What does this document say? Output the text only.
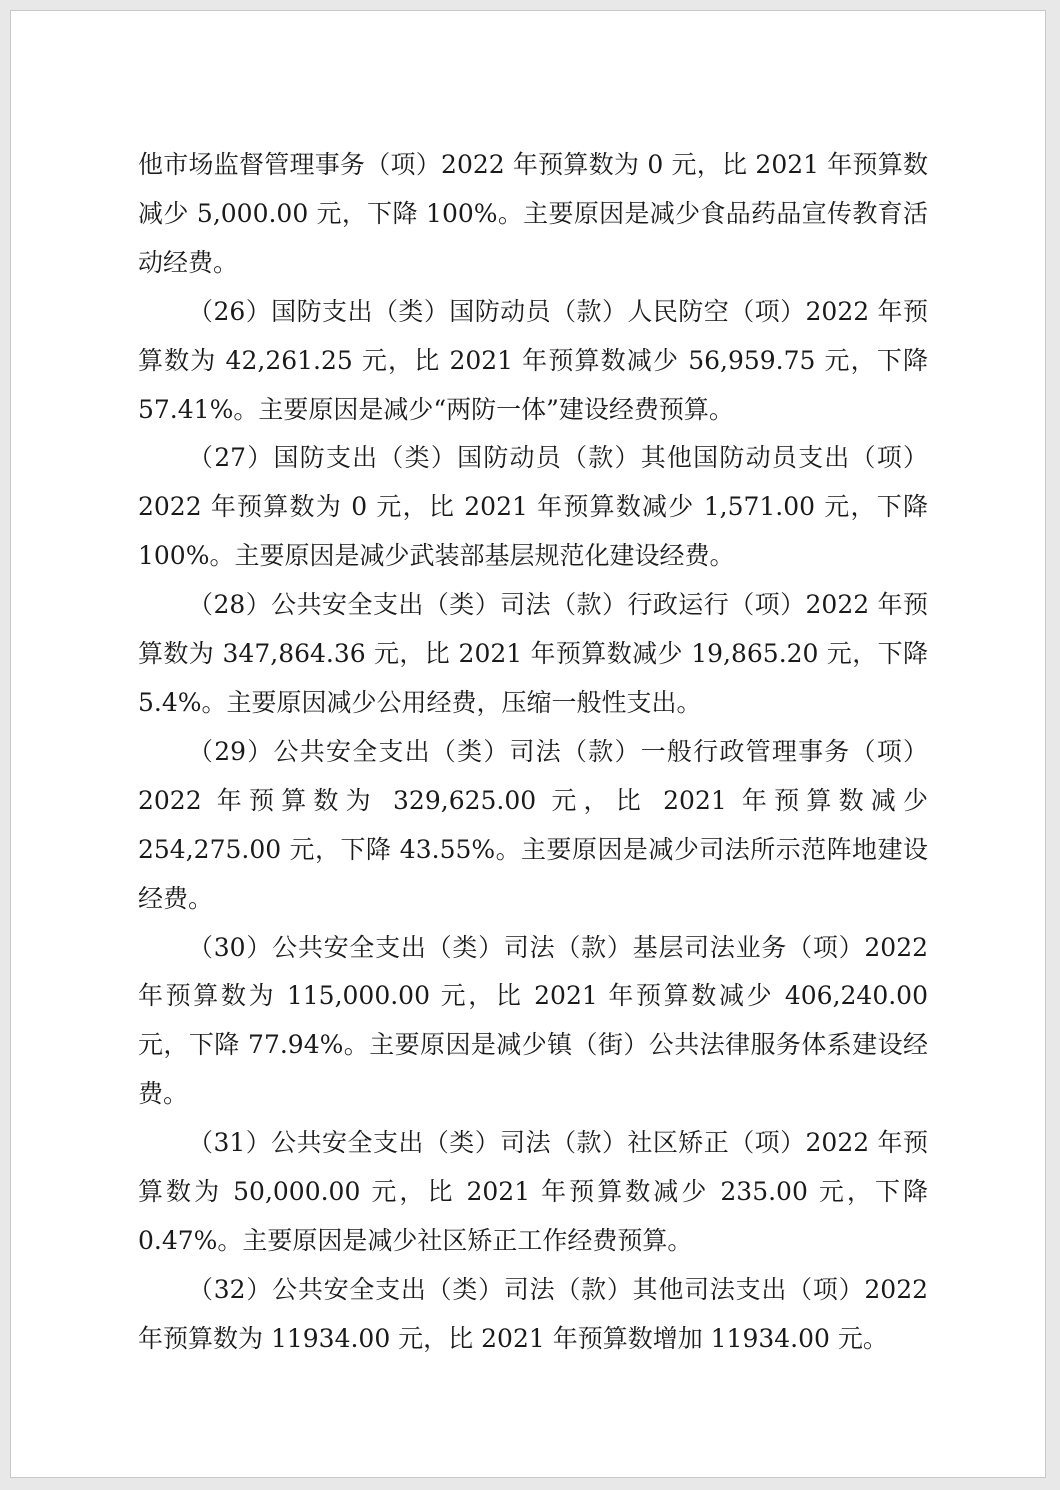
他市场监督管理事务（项）2022 年预算数为 0 元，比 2021 年预算数减少 5,000.00 元，下降 100%。主要原因是减少食品药品宣传教育活动经费。

（26）国防支出（类）国防动员（款）人民防空（项）2022 年预算数为 42,261.25 元，比 2021 年预算数减少 56,959.75 元，下降 57.41%。主要原因是减少“两防一体”建设经费预算。

（27）国防支出（类）国防动员（款）其他国防动员支出（项）2022 年预算数为 0 元，比 2021 年预算数减少 1,571.00 元，下降 100%。主要原因是减少武装部基层规范化建设经费。

（28）公共安全支出（类）司法（款）行政运行（项）2022 年预算数为 347,864.36 元，比 2021 年预算数减少 19,865.20 元，下降 5.4%。主要原因减少公用经费，压缩一般性支出。

（29）公共安全支出（类）司法（款）一般行政管理事务（项）2022 年预算数为 329,625.00 元，比 2021 年预算数减少 254,275.00 元，下降 43.55%。主要原因是减少司法所示范阵地建设经费。

（30）公共安全支出（类）司法（款）基层司法业务（项）2022 年预算数为 115,000.00 元，比 2021 年预算数减少 406,240.00 元，下降 77.94%。主要原因是减少镇（街）公共法律服务体系建设经费。

（31）公共安全支出（类）司法（款）社区矫正（项）2022 年预算数为 50,000.00 元，比 2021 年预算数减少 235.00 元，下降 0.47%。主要原因是减少社区矫正工作经费预算。

（32）公共安全支出（类）司法（款）其他司法支出（项）2022 年预算数为 11934.00 元，比 2021 年预算数增加 11934.00 元。
